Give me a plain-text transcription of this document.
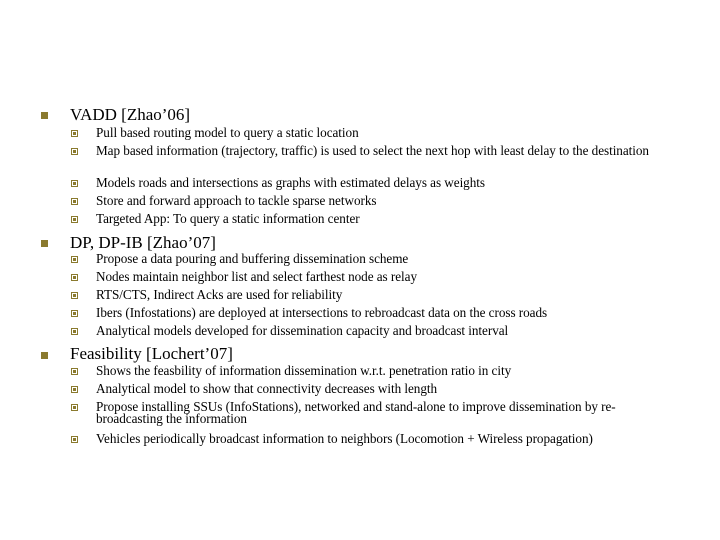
VADD [Zhao’06]
Pull based routing model to query a static location
Map based information (trajectory, traffic) is used to select the next hop with least delay to the destination
Models roads and intersections as graphs with estimated delays as weights
Store and forward approach to tackle sparse networks
Targeted App: To query a static information center
DP, DP-IB [Zhao’07]
Propose a data pouring and buffering dissemination scheme
Nodes maintain neighbor list and select farthest node as relay
RTS/CTS, Indirect Acks are used for reliability
Ibers (Infostations) are deployed at intersections to rebroadcast data on the cross roads
Analytical models developed for dissemination capacity and broadcast interval
Feasibility [Lochert’07]
Shows the feasbility of information dissemination w.r.t. penetration ratio in city
Analytical model to show that connectivity decreases with length
Propose installing SSUs (InfoStations), networked and stand-alone to improve dissemination by re-broadcasting the information
Vehicles periodically broadcast information to neighbors (Locomotion + Wireless propagation)
